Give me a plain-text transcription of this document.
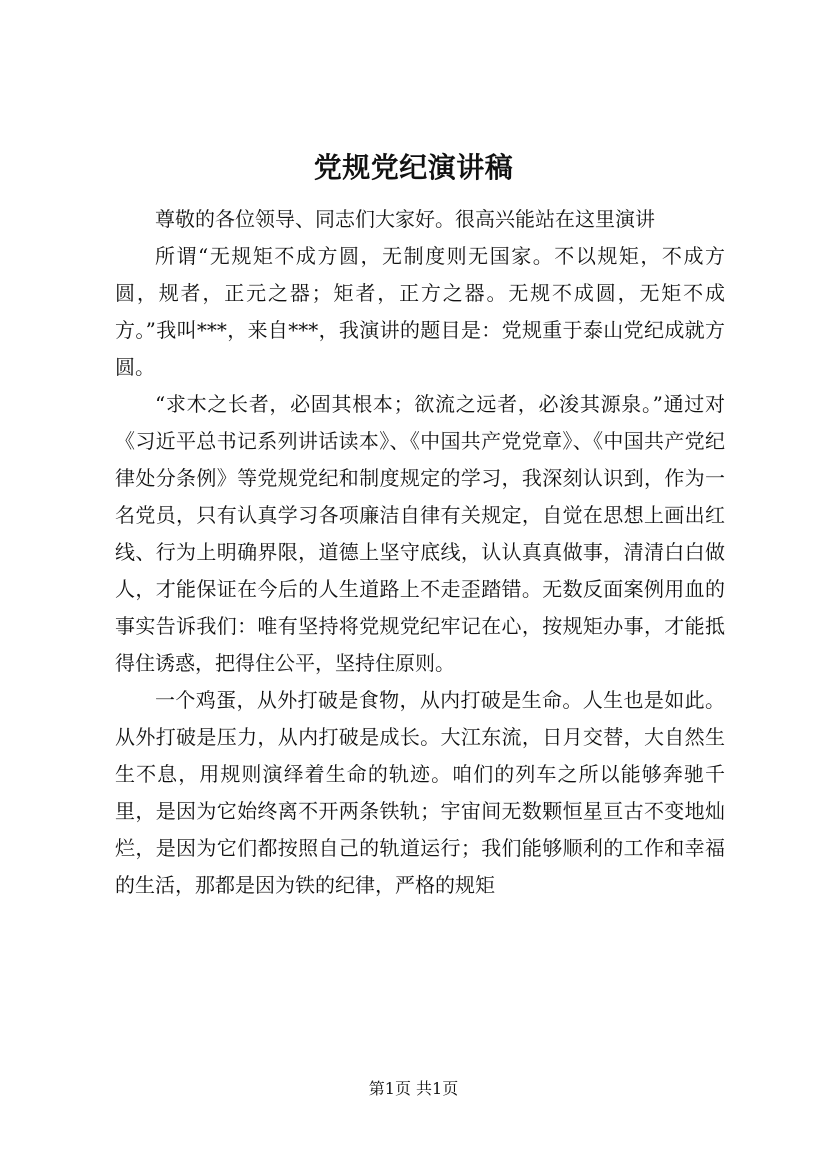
党规党纪演讲稿

尊敬的各位领导、同志们大家好。很高兴能站在这里演讲

所谓“无规矩不成方圆，无制度则无国家。不以规矩，不成方圆，规者，正元之器；矩者，正方之器。无规不成圆，无矩不成方。”我叫***，来自***，我演讲的题目是：党规重于泰山党纪成就方圆。

“求木之长者，必固其根本；欲流之远者，必浚其源泉。”通过对《习近平总书记系列讲话读本》、《中国共产党党章》、《中国共产党纪律处分条例》等党规党纪和制度规定的学习，我深刻认识到，作为一名党员，只有认真学习各项廉洁自律有关规定，自觉在思想上画出红线、行为上明确界限，道德上坚守底线，认认真真做事，清清白白做人，才能保证在今后的人生道路上不走歪踏错。无数反面案例用血的事实告诉我们：唯有坚持将党规党纪牢记在心，按规矩办事，才能抵得住诱惑，把得住公平，坚持住原则。

一个鸡蛋，从外打破是食物，从内打破是生命。人生也是如此。从外打破是压力，从内打破是成长。大江东流，日月交替，大自然生生不息，用规则演绎着生命的轨迹。咱们的列车之所以能够奔驰千里，是因为它始终离不开两条铁轨；宇宙间无数颗恒星亘古不变地灿烂，是因为它们都按照自己的轨道运行；我们能够顺利的工作和幸福的生活，那都是因为铁的纪律，严格的规矩

第1页 共1页
